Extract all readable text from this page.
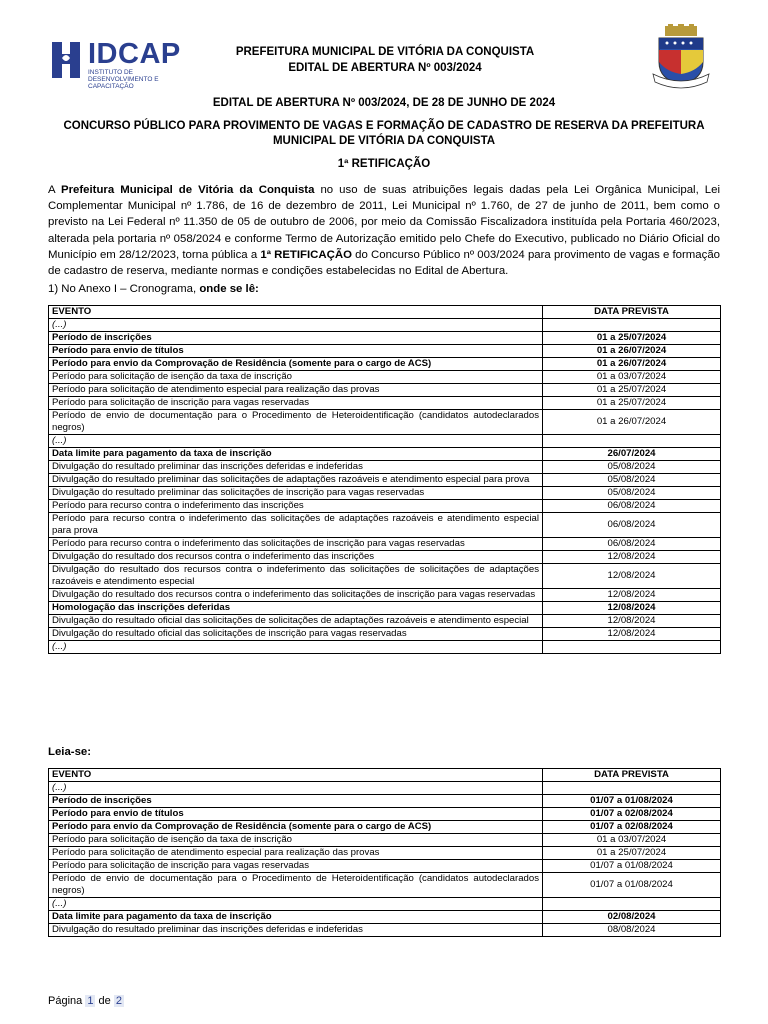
IDCAP
INSTITUTO DE DESENVOLVIMENTO E CAPACITAÇÃO
PREFEITURA MUNICIPAL DE VITÓRIA DA CONQUISTA
EDITAL DE ABERTURA Nº 003/2024
EDITAL DE ABERTURA Nº 003/2024, DE 28 DE JUNHO DE 2024
CONCURSO PÚBLICO PARA PROVIMENTO DE VAGAS E FORMAÇÃO DE CADASTRO DE RESERVA DA PREFEITURA MUNICIPAL DE VITÓRIA DA CONQUISTA
1ª RETIFICAÇÃO
A Prefeitura Municipal de Vitória da Conquista no uso de suas atribuições legais dadas pela Lei Orgânica Municipal, Lei Complementar Municipal nº 1.786, de 16 de dezembro de 2011, Lei Municipal nº 1.760, de 27 de junho de 2011, bem como o previsto na Lei Federal nº 11.350 de 05 de outubro de 2006, por meio da Comissão Fiscalizadora instituída pela Portaria 460/2023, alterada pela portaria nº 058/2024 e conforme Termo de Autorização emitido pelo Chefe do Executivo, publicado no Diário Oficial do Município em 28/12/2023, torna pública a 1ª RETIFICAÇÃO do Concurso Público nº 003/2024 para provimento de vagas e formação de cadastro de reserva, mediante normas e condições estabelecidas no Edital de Abertura.
1) No Anexo I – Cronograma, onde se lê:
EVENTO	DATA PREVISTA
(...)	
Período de inscrições	01 a 25/07/2024
Período para envio de títulos	01 a 26/07/2024
Período para envio da Comprovação de Residência (somente para o cargo de ACS)	01 a 26/07/2024
Período para solicitação de isenção da taxa de inscrição	01 a 03/07/2024
Período para solicitação de atendimento especial para realização das provas	01 a 25/07/2024
Período para solicitação de inscrição para vagas reservadas	01 a 25/07/2024
Período de envio de documentação para o Procedimento de Heteroidentificação (candidatos autodeclarados negros)	01 a 26/07/2024
(...)	
Data limite para pagamento da taxa de inscrição	26/07/2024
Divulgação do resultado preliminar das inscrições deferidas e indeferidas	05/08/2024
Divulgação do resultado preliminar das solicitações de adaptações razoáveis e atendimento especial para prova	05/08/2024
Divulgação do resultado preliminar das solicitações de inscrição para vagas reservadas	05/08/2024
Período para recurso contra o indeferimento das inscrições	06/08/2024
Período para recurso contra o indeferimento das solicitações de adaptações razoáveis e atendimento especial para prova	06/08/2024
Período para recurso contra o indeferimento das solicitações de inscrição para vagas reservadas	06/08/2024
Divulgação do resultado dos recursos contra o indeferimento das inscrições	12/08/2024
Divulgação do resultado dos recursos contra o indeferimento das solicitações de solicitações de adaptações razoáveis e atendimento especial	12/08/2024
Divulgação do resultado dos recursos contra o indeferimento das solicitações de inscrição para vagas reservadas	12/08/2024
Homologação das inscrições deferidas	12/08/2024
Divulgação do resultado oficial das solicitações de solicitações de adaptações razoáveis e atendimento especial	12/08/2024
Divulgação do resultado oficial das solicitações de inscrição para vagas reservadas	12/08/2024
(...)	
Leia-se:
EVENTO	DATA PREVISTA
(...)	
Período de inscrições	01/07 a 01/08/2024
Período para envio de títulos	01/07 a 02/08/2024
Período para envio da Comprovação de Residência (somente para o cargo de ACS)	01/07 a 02/08/2024
Período para solicitação de isenção da taxa de inscrição	01 a 03/07/2024
Período para solicitação de atendimento especial para realização das provas	01 a 25/07/2024
Período para solicitação de inscrição para vagas reservadas	01/07 a 01/08/2024
Período de envio de documentação para o Procedimento de Heteroidentificação (candidatos autodeclarados negros)	01/07 a 01/08/2024
(...)	
Data limite para pagamento da taxa de inscrição	02/08/2024
Divulgação do resultado preliminar das inscrições deferidas e indeferidas	08/08/2024
Página 1 de 2
